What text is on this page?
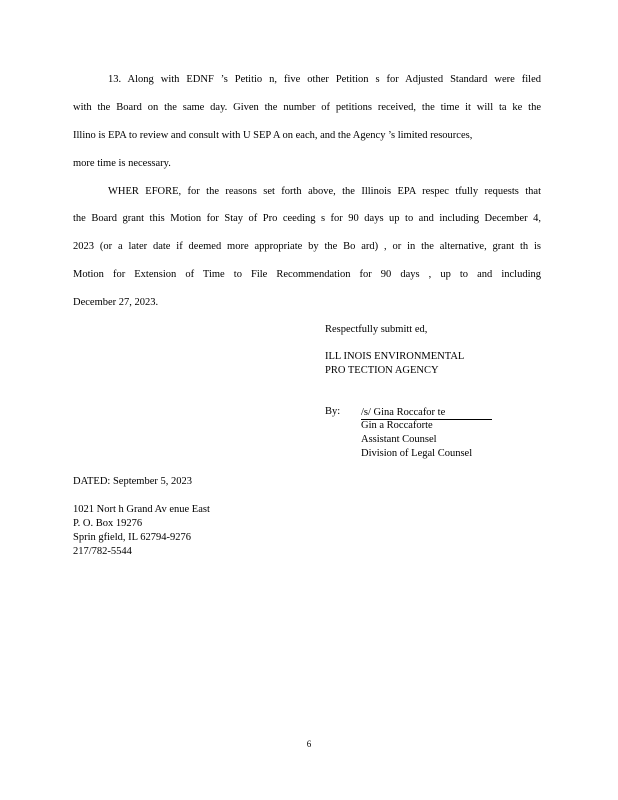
13. Along with EDNF ’s Petitio n, five other Petition s for Adjusted Standard were filed
with the Board on the same day. Given the number of petitions received, the time it will ta ke the
Illino is EPA to review and consult with U SEP A on each, and the Agency ’s limited resources,
more time is necessary.
WHER EFORE, for the reasons set forth above, the Illinois EPA respec tfully requests that
the Board grant this Motion for Stay of Pro ceeding s for 90 days up to and including December 4,
2023 (or a later date if deemed more appropriate by the Bo ard) , or in the alternative, grant th is
Motion for Extension of Time to File Recommendation for 90 days , up to and including
December 27, 2023.
Respectfully submitt ed,
ILL INOIS ENVIRONMENTAL
PRO TECTION AGENCY
By: /s/ Gina Roccafor te
Gin a Roccaforte
Assistant Counsel
Division of Legal Counsel
DATED: September 5, 2023
1021 Nort h Grand Av enue East
P. O. Box 19276
Sprin gfield, IL 62794-9276
217/782-5544
6
